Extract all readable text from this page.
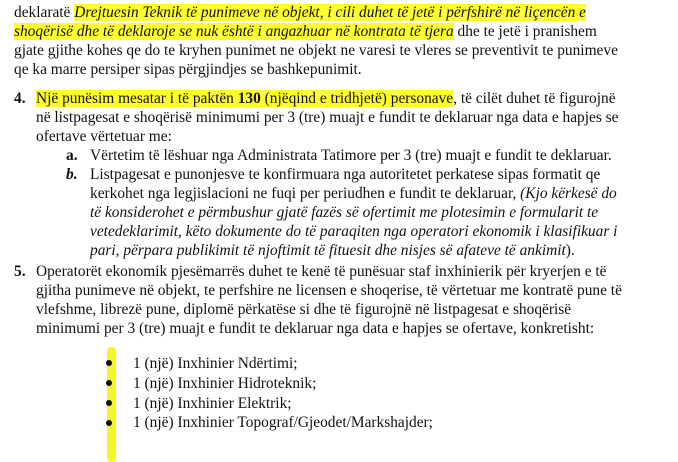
deklaratë Drejtuesin Teknik të punimeve në objekt, i cili duhet të jetë i përfshirë në liçencën e
shoqërisë dhe të deklaroje se nuk është i angazhuar në kontrata të tjera dhe te jetë i pranishem
gjate gjithe kohes qe do te kryhen punimet ne objekt ne varesi te vleres se preventivit te punimeve
qe ka marre persiper sipas përgjindjes se bashkepunimit.
4. Një punësim mesatar i të paktën 130 (njëqind e tridhjetë) personave, të cilët duhet të figurojnë
në listpagesat e shoqërisë minimumi per 3 (tre) muajt e fundit te deklaruar nga data e hapjes se
ofertave vërtetuar me:
a. Vërtetim të lëshuar nga Administrata Tatimore per 3 (tre) muajt e fundit te deklaruar.
b. Listpagesat e punonjesve te konfirmuara nga autoritetet perkatese sipas formatit qe
kerkohet nga legjislacioni ne fuqi per periudhen e fundit te deklaruar, (Kjo kërkesë do
të konsiderohet e përmbushur gjatë fazës së ofertimit me plotesimin e formularit te
vetedeklarimit, këto dokumente do të paraqiten nga operatori ekonomik i klasifikuar i
pari, përpara publikimit të njoftimit të fituesit dhe nisjes së afateve të ankimit).
5. Operatorët ekonomik pjesëmarrës duhet te kenë të punësuar staf inxhinierik për kryerjen e të
gjitha punimeve në objekt, te perfshire ne licensen e shoqerise, të vërtetuar me kontratë pune të
vlefshme, librezë pune, diplomë përkatëse si dhe të figurojnë në listpagesat e shoqërisë
minimumi per 3 (tre) muajt e fundit te deklaruar nga data e hapjes se ofertave, konkretisht:
1 (një) Inxhinier Ndërtimi;
1 (një) Inxhinier Hidroteknik;
1 (një) Inxhinier Elektrik;
1 (një) Inxhinier Topograf/Gjeodet/Markshajder;
